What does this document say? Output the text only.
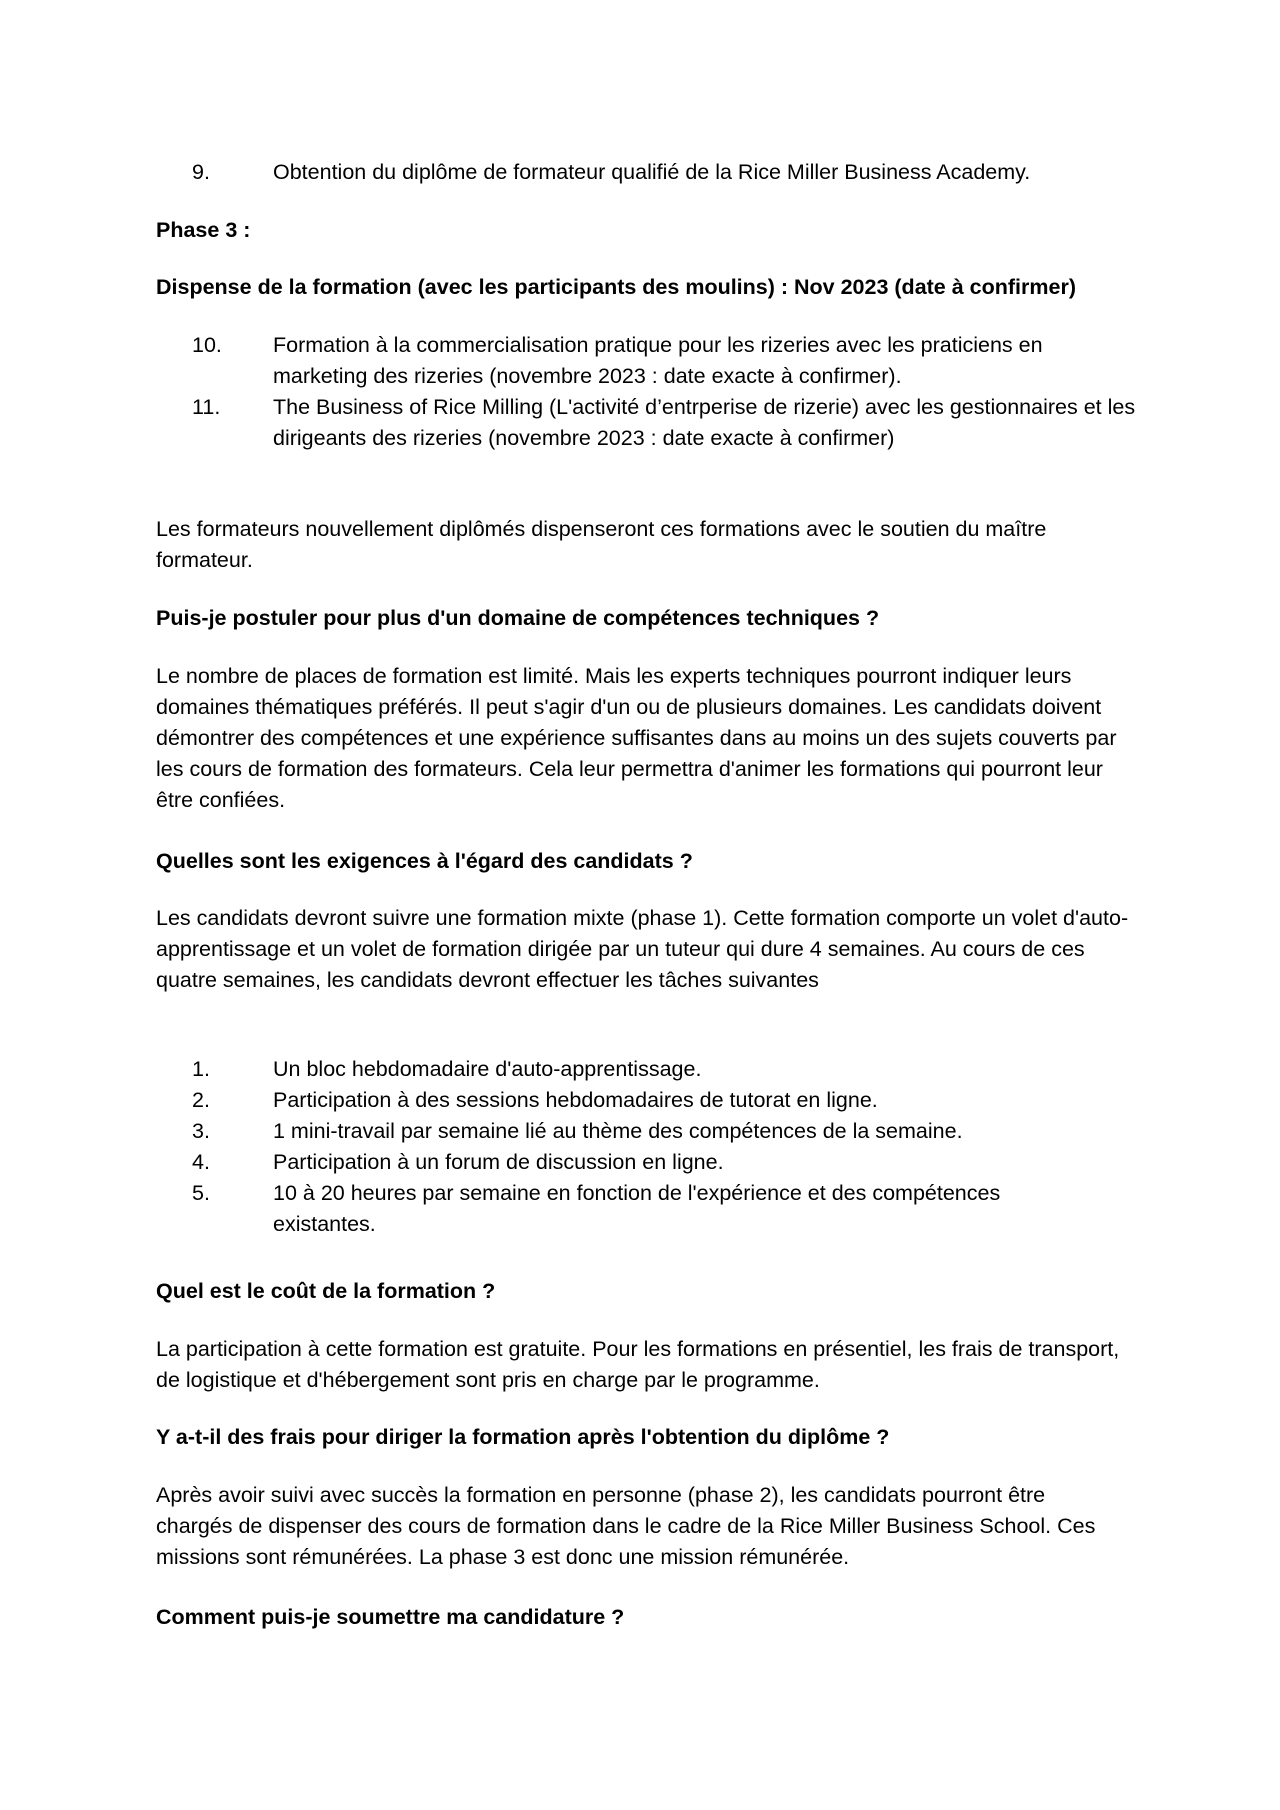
9.	Obtention du diplôme de formateur qualifié de la Rice Miller Business Academy.

Phase 3 :

Dispense de la formation (avec les participants des moulins) : Nov 2023 (date à confirmer)

10.	Formation à la commercialisation pratique pour les rizeries avec les praticiens en marketing des rizeries (novembre 2023 : date exacte à confirmer).
11.	The Business of Rice Milling (L'activité d’entrperise de rizerie) avec les gestionnaires et les dirigeants des rizeries (novembre 2023 : date exacte à confirmer)

Les formateurs nouvellement diplômés dispenseront ces formations avec le soutien du maître formateur.

Puis-je postuler pour plus d'un domaine de compétences techniques ?

Le nombre de places de formation est limité. Mais les experts techniques pourront indiquer leurs domaines thématiques préférés. Il peut s'agir d'un ou de plusieurs domaines. Les candidats doivent démontrer des compétences et une expérience suffisantes dans au moins un des sujets couverts par les cours de formation des formateurs. Cela leur permettra d'animer les formations qui pourront leur être confiées.

Quelles sont les exigences à l'égard des candidats ?

Les candidats devront suivre une formation mixte (phase 1). Cette formation comporte un volet d'auto-apprentissage et un volet de formation dirigée par un tuteur qui dure 4 semaines. Au cours de ces quatre semaines, les candidats devront effectuer les tâches suivantes

1.	Un bloc hebdomadaire d'auto-apprentissage.
2.	Participation à des sessions hebdomadaires de tutorat en ligne.
3.	1 mini-travail par semaine lié au thème des compétences de la semaine.
4.	Participation à un forum de discussion en ligne.
5.	10 à 20 heures par semaine en fonction de l'expérience et des compétences existantes.

Quel est le coût de la formation ?

La participation à cette formation est gratuite. Pour les formations en présentiel, les frais de transport, de logistique et d'hébergement sont pris en charge par le programme.

Y a-t-il des frais pour diriger la formation après l'obtention du diplôme ?

Après avoir suivi avec succès la formation en personne (phase 2), les candidats pourront être chargés de dispenser des cours de formation dans le cadre de la Rice Miller Business School. Ces missions sont rémunérées. La phase 3 est donc une mission rémunérée.

Comment puis-je soumettre ma candidature ?
